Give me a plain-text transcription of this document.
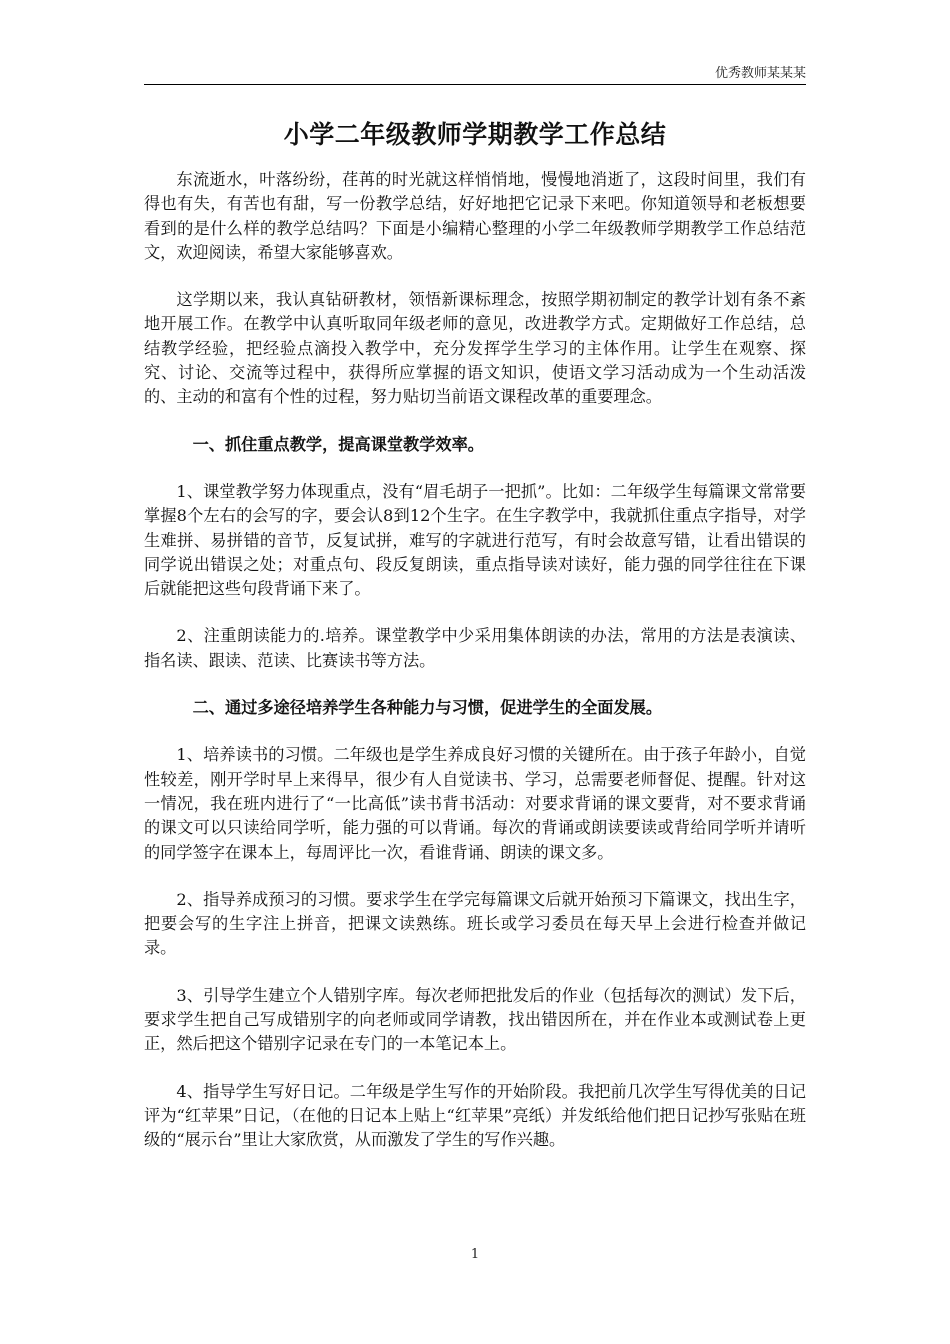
优秀教师某某某
小学二年级教师学期教学工作总结

东流逝水，叶落纷纷，荏苒的时光就这样悄悄地，慢慢地消逝了，这段时间里，我们有得也有失，有苦也有甜，写一份教学总结，好好地把它记录下来吧。你知道领导和老板想要看到的是什么样的教学总结吗？下面是小编精心整理的小学二年级教师学期教学工作总结范文，欢迎阅读，希望大家能够喜欢。

这学期以来，我认真钻研教材，领悟新课标理念，按照学期初制定的教学计划有条不紊地开展工作。在教学中认真听取同年级老师的意见，改进教学方式。定期做好工作总结，总结教学经验，把经验点滴投入教学中，充分发挥学生学习的主体作用。让学生在观察、探究、讨论、交流等过程中，获得所应掌握的语文知识，使语文学习活动成为一个生动活泼的、主动的和富有个性的过程，努力贴切当前语文课程改革的重要理念。

一、抓住重点教学，提高课堂教学效率。

1、课堂教学努力体现重点，没有“眉毛胡子一把抓”。比如：二年级学生每篇课文常常要掌握8个左右的会写的字，要会认8到12个生字。在生字教学中，我就抓住重点字指导，对学生难拼、易拼错的音节，反复试拼，难写的字就进行范写，有时会故意写错，让看出错误的同学说出错误之处；对重点句、段反复朗读，重点指导读对读好，能力强的同学往往在下课后就能把这些句段背诵下来了。

2、注重朗读能力的.培养。课堂教学中少采用集体朗读的办法，常用的方法是表演读、指名读、跟读、范读、比赛读书等方法。

二、通过多途径培养学生各种能力与习惯，促进学生的全面发展。

1、培养读书的习惯。二年级也是学生养成良好习惯的关键所在。由于孩子年龄小，自觉性较差，刚开学时早上来得早，很少有人自觉读书、学习，总需要老师督促、提醒。针对这一情况，我在班内进行了“一比高低”读书背书活动：对要求背诵的课文要背，对不要求背诵的课文可以只读给同学听，能力强的可以背诵。每次的背诵或朗读要读或背给同学听并请听的同学签字在课本上，每周评比一次，看谁背诵、朗读的课文多。

2、指导养成预习的习惯。要求学生在学完每篇课文后就开始预习下篇课文，找出生字，把要会写的生字注上拼音，把课文读熟练。班长或学习委员在每天早上会进行检查并做记录。

3、引导学生建立个人错别字库。每次老师把批发后的作业（包括每次的测试）发下后，要求学生把自己写成错别字的向老师或同学请教，找出错因所在，并在作业本或测试卷上更正，然后把这个错别字记录在专门的一本笔记本上。

4、指导学生写好日记。二年级是学生写作的开始阶段。我把前几次学生写得优美的日记评为“红苹果”日记，（在他的日记本上贴上“红苹果”亮纸）并发纸给他们把日记抄写张贴在班级的“展示台”里让大家欣赏，从而激发了学生的写作兴趣。

1
